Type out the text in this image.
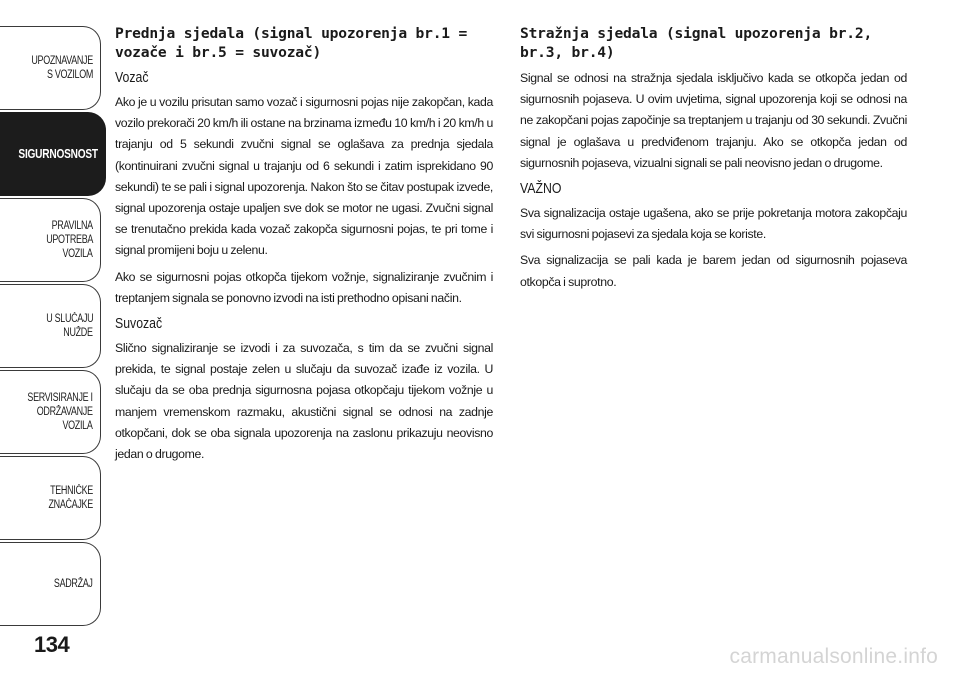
UPOZNAVANJE
S VOZILOM
SIGURNOSNOST
PRAVILNA
UPOTREBA
VOZILA
U SLUČAJU
NUŽDE
SERVISIRANJE I
ODRŽAVANJE
VOZILA
TEHNIČKE
ZNAČAJKE
SADRŽAJ
134
Prednja sjedala (signal upozorenja br.1 = vozače i br.5 = suvozač)
Vozač

Ako je u vozilu prisutan samo vozač i sigurnosni pojas nije zakopčan, kada vozilo prekorači 20 km/h ili ostane na brzinama između 10 km/h i 20 km/h u trajanju od 5 sekundi zvučni signal se oglašava za prednja sjedala (kontinuirani zvučni signal u trajanju od 6 sekundi i zatim isprekidano 90 sekundi) te se pali i signal upozorenja. Nakon što se čitav postupak izvede, signal upozorenja ostaje upaljen sve dok se motor ne ugasi. Zvučni signal se trenutačno prekida kada vozač zakopča sigurnosni pojas, te pri tome i signal promijeni boju u zelenu.

Ako se sigurnosni pojas otkopča tijekom vožnje, signaliziranje zvučnim i treptanjem signala se ponovno izvodi na isti prethodno opisani način.

Suvozač

Slično signaliziranje se izvodi i za suvozača, s tim da se zvučni signal prekida, te signal postaje zelen u slučaju da suvozač izađe iz vozila. U slučaju da se oba prednja sigurnosna pojasa otkopčaju tijekom vožnje u manjem vremenskom razmaku, akustični signal se odnosi na zadnje otkopčani, dok se oba signala upozorenja na zaslonu prikazuju neovisno jedan o drugome.

Stražnja sjedala (signal upozorenja br.2, br.3, br.4)

Signal se odnosi na stražnja sjedala isključivo kada se otkopča jedan od sigurnosnih pojaseva. U ovim uvjetima, signal upozorenja koji se odnosi na ne zakopčani pojas započinje sa treptanjem u trajanju od 30 sekundi. Zvučni signal je oglašava u predviđenom trajanju. Ako se otkopča jedan od sigurnosnih pojaseva, vizualni signali se pali neovisno jedan o drugome.

VAŽNO

Sva signalizacija ostaje ugašena, ako se prije pokretanja motora zakopčaju svi sigurnosni pojasevi za sjedala koja se koriste.

Sva signalizacija se pali kada je barem jedan od sigurnosnih pojaseva otkopča i suprotno.

carmanualsonline.info
